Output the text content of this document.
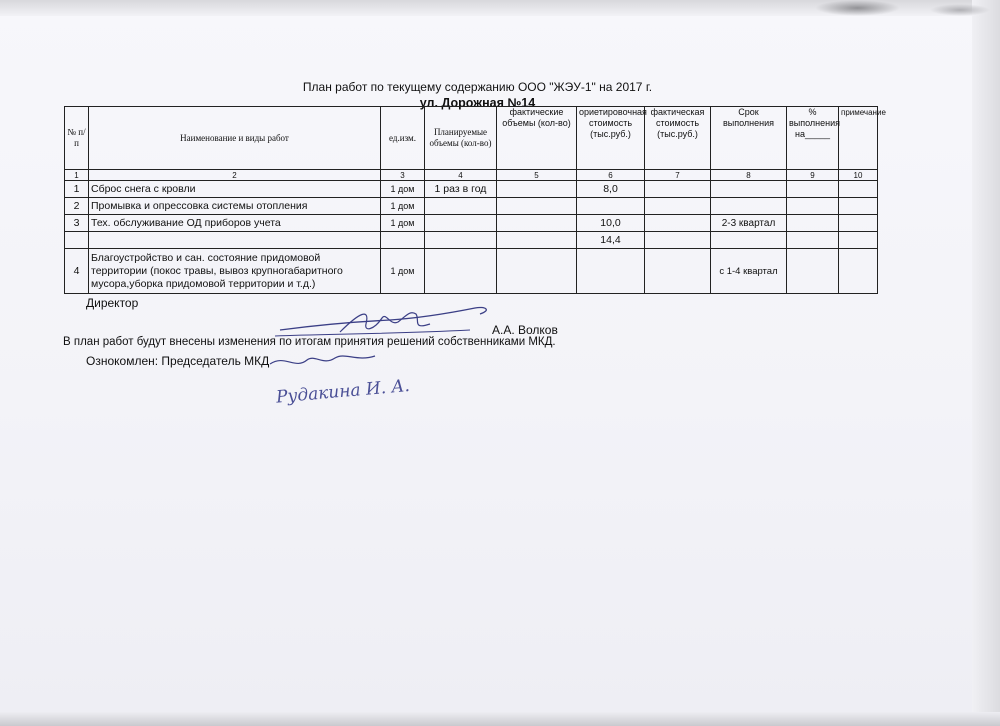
План работ по текущему содержанию ООО "ЖЭУ-1" на 2017 г.
ул. Дорожная №14
№ п/п	Наименование и виды работ	ед.изм.	Планируемые объемы (кол-во)	фактические объемы (кол-во)	ориетировочная стоимость (тыс.руб.)	фактическая стоимость (тыс.руб.)	Срок выполнения	% выполнения на_____	примечание
1	2	3	4	5	6	7	8	9	10
1	Сброс снега с кровли	1 дом	1 раз в год		8,0				
2	Промывка и опрессовка системы отопления	1 дом							
3	Тех. обслуживание ОД приборов учета	1 дом			10,0		2-3 квартал		
					14,4				
4	Благоустройство и сан. состояние придомовой территории (покос травы, вывоз крупногабаритного мусора,уборка придомовой территории и т.д.)	1 дом					с 1-4 квартал		
Директор
А.А. Волков
В план работ будут внесены изменения по итогам принятия решений собственниками МКД.
Ознокомлен: Председатель МКД
Рудакина И. А.
